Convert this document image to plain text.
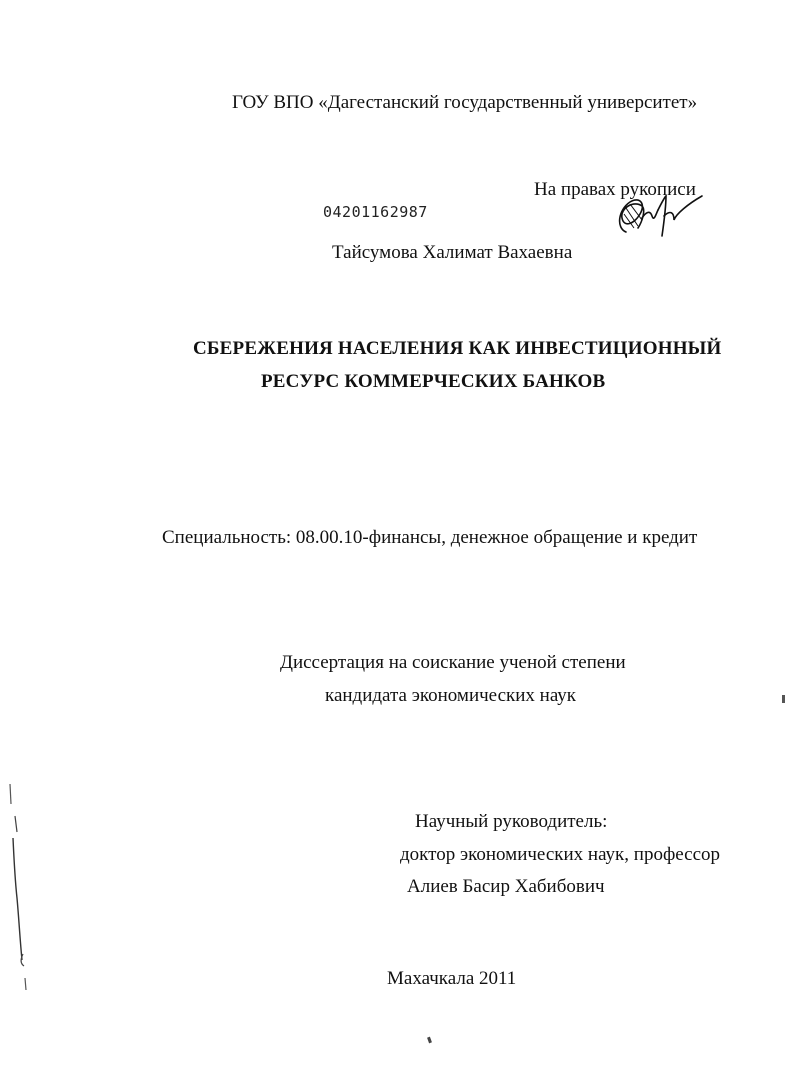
ГОУ ВПО «Дагестанский государственный университет»
На правах рукописи
04201162987
Тайсумова Халимат Вахаевна
СБЕРЕЖЕНИЯ НАСЕЛЕНИЯ КАК ИНВЕСТИЦИОННЫЙ
РЕСУРС КОММЕРЧЕСКИХ БАНКОВ
Специальность: 08.00.10-финансы, денежное обращение и кредит
Диссертация на соискание ученой степени
кандидата экономических наук
Научный руководитель:
доктор экономических наук, профессор
Алиев Басир Хабибович
Махачкала 2011
